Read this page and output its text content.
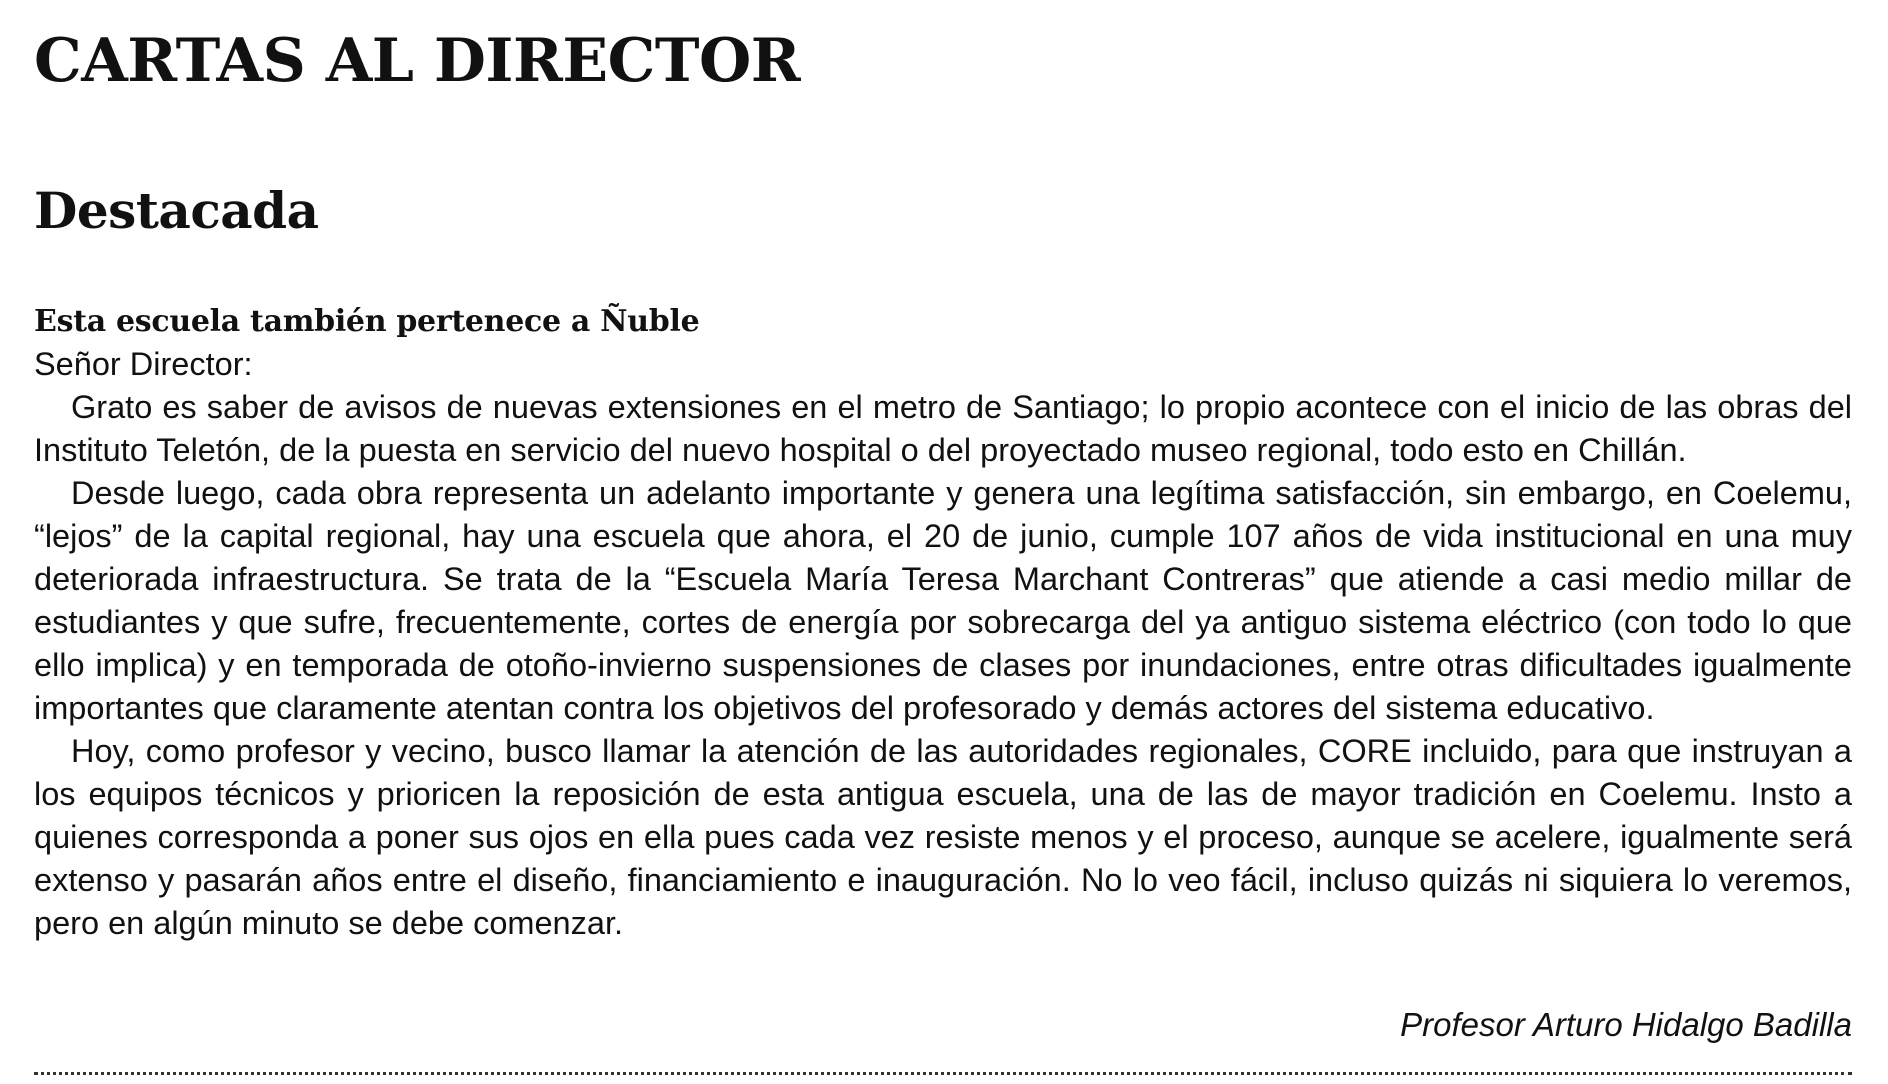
CARTAS AL DIRECTOR
Destacada
Esta escuela también pertenece a Ñuble

Señor Director:

Grato es saber de avisos de nuevas extensiones en el metro de Santiago; lo propio acontece con el inicio de las obras del Instituto Teletón, de la puesta en servicio del nuevo hospital o del proyectado museo regional, todo esto en Chillán.

Desde luego, cada obra representa un adelanto importante y genera una legítima satisfacción, sin embargo, en Coelemu, “lejos” de la capital regional, hay una escuela que ahora, el 20 de junio, cumple 107 años de vida institucional en una muy deteriorada infraestructura. Se trata de la “Escuela María Teresa Marchant Contreras” que atiende a casi medio millar de estudiantes y que sufre, frecuentemente, cortes de energía por sobrecarga del ya antiguo sistema eléctrico (con todo lo que ello implica) y en temporada de otoño-invierno suspensiones de clases por inundaciones, entre otras dificultades igualmente importantes que claramente atentan contra los objetivos del profesorado y demás actores del sistema educativo.

Hoy, como profesor y vecino, busco llamar la atención de las autoridades regionales, CORE incluido, para que instruyan a los equipos técnicos y prioricen la reposición de esta antigua escuela, una de las de mayor tradición en Coelemu. Insto a quienes corresponda a poner sus ojos en ella pues cada vez resiste menos y el proceso, aunque se acelere, igualmente será extenso y pasarán años entre el diseño, financiamiento e inauguración. No lo veo fácil, incluso quizás ni siquiera lo veremos, pero en algún minuto se debe comenzar.

Profesor Arturo Hidalgo Badilla
